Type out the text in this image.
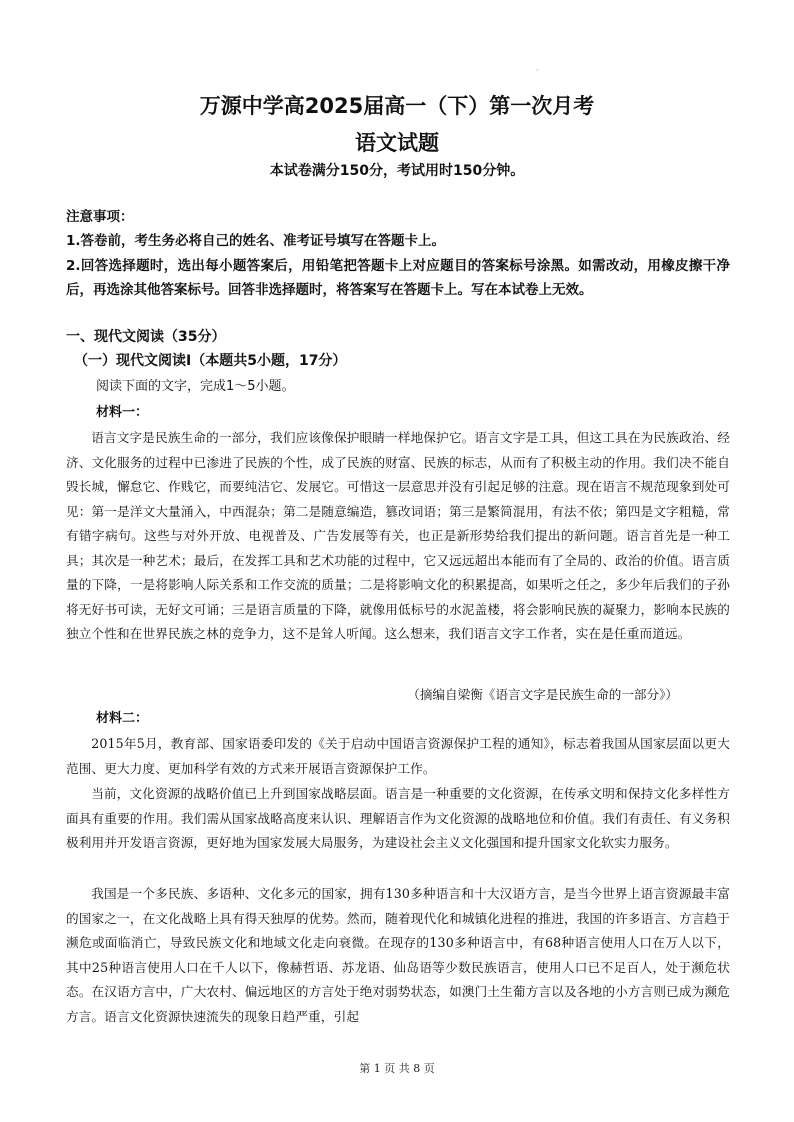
·
万源中学高2025届高一（下）第一次月考
语文试题
本试卷满分150分，考试用时150分钟。
注意事项：
1.答卷前，考生务必将自己的姓名、准考证号填写在答题卡上。

2.回答选择题时，选出每小题答案后，用铅笔把答题卡上对应题目的答案标号涂黑。如需改动，用橡皮擦干净后，再选涂其他答案标号。回答非选择题时，将答案写在答题卡上。写在本试卷上无效。

一、现代文阅读（35分）
（一）现代文阅读Ⅰ（本题共5小题，17分）
阅读下面的文字，完成1～5小题。
材料一：

语言文字是民族生命的一部分，我们应该像保护眼睛一样地保护它。语言文字是工具，但这工具在为民族政治、经济、文化服务的过程中已渗进了民族的个性，成了民族的财富、民族的标志，从而有了积极主动的作用。我们决不能自毁长城，懈怠它、作贱它，而要纯洁它、发展它。可惜这一层意思并没有引起足够的注意。现在语言不规范现象到处可见：第一是洋文大量涌入，中西混杂；第二是随意编造，篡改词语；第三是繁简混用，有法不依；第四是文字粗糙，常有错字病句。这些与对外开放、电视普及、广告发展等有关，也正是新形势给我们提出的新问题。语言首先是一种工具；其次是一种艺术；最后，在发挥工具和艺术功能的过程中，它又远远超出本能而有了全局的、政治的价值。语言质量的下降，一是将影响人际关系和工作交流的质量；二是将影响文化的积累提高，如果听之任之，多少年后我们的子孙将无好书可读，无好文可诵；三是语言质量的下降，就像用低标号的水泥盖楼，将会影响民族的凝聚力，影响本民族的独立个性和在世界民族之林的竞争力，这不是耸人听闻。这么想来，我们语言文字工作者，实在是任重而道远。

（摘编自梁衡《语言文字是民族生命的一部分》）
材料二：

2015年5月，教育部、国家语委印发的《关于启动中国语言资源保护工程的通知》，标志着我国从国家层面以更大范围、更大力度、更加科学有效的方式来开展语言资源保护工作。

当前，文化资源的战略价值已上升到国家战略层面。语言是一种重要的文化资源，在传承文明和保持文化多样性方面具有重要的作用。我们需从国家战略高度来认识、理解语言作为文化资源的战略地位和价值。我们有责任、有义务积极利用并开发语言资源，更好地为国家发展大局服务，为建设社会主义文化强国和提升国家文化软实力服务。

我国是一个多民族、多语种、文化多元的国家，拥有130多种语言和十大汉语方言，是当今世界上语言资源最丰富的国家之一，在文化战略上具有得天独厚的优势。然而，随着现代化和城镇化进程的推进，我国的许多语言、方言趋于濒危或面临消亡，导致民族文化和地域文化走向衰微。在现存的130多种语言中，有68种语言使用人口在万人以下，其中25种语言使用人口在千人以下，像赫哲语、苏龙语、仙岛语等少数民族语言，使用人口已不足百人，处于濒危状态。在汉语方言中，广大农村、偏远地区的方言处于绝对弱势状态，如澳门土生葡方言以及各地的小方言则已成为濒危方言。语言文化资源快速流失的现象日趋严重，引起

第 1 页 共 8 页
